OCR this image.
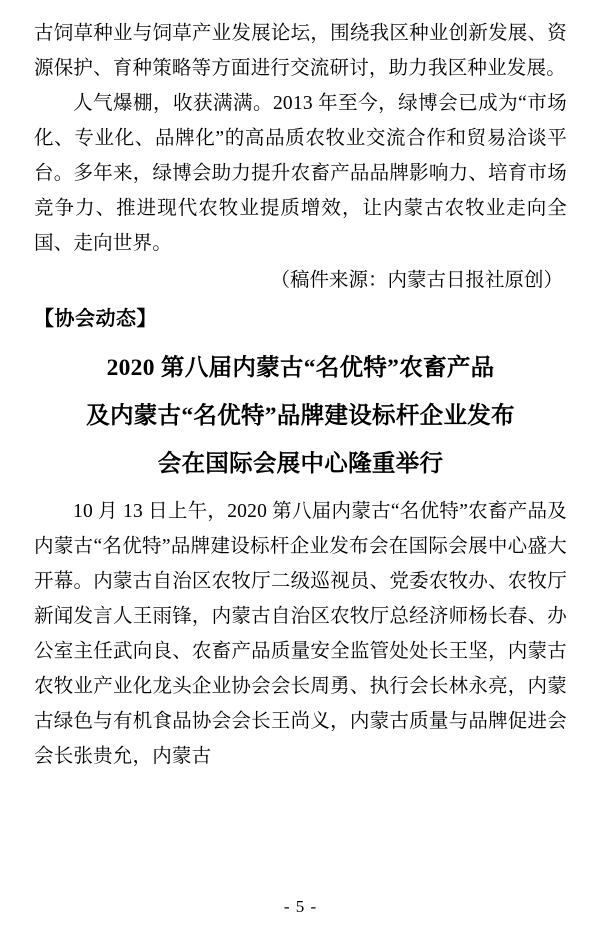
古饲草种业与饲草产业发展论坛，围绕我区种业创新发展、资源保护、育种策略等方面进行交流研讨，助力我区种业发展。

人气爆棚，收获满满。2013 年至今，绿博会已成为“市场化、专业化、品牌化”的高品质农牧业交流合作和贸易洽谈平台。多年来，绿博会助力提升农畜产品品牌影响力、培育市场竞争力、推进现代农牧业提质增效，让内蒙古农牧业走向全国、走向世界。

（稿件来源：内蒙古日报社原创）
【协会动态】
2020 第八届内蒙古“名优特”农畜产品
及内蒙古“名优特”品牌建设标杆企业发布
会在国际会展中心隆重举行

10 月 13 日上午，2020 第八届内蒙古“名优特”农畜产品及内蒙古“名优特”品牌建设标杆企业发布会在国际会展中心盛大开幕。内蒙古自治区农牧厅二级巡视员、党委农牧办、农牧厅新闻发言人王雨锋，内蒙古自治区农牧厅总经济师杨长春、办公室主任武向良、农畜产品质量安全监管处处长王坚，内蒙古农牧业产业化龙头企业协会会长周勇、执行会长林永亮，内蒙古绿色与有机食品协会会长王尚义，内蒙古质量与品牌促进会会长张贵允，内蒙古

- 5 -
